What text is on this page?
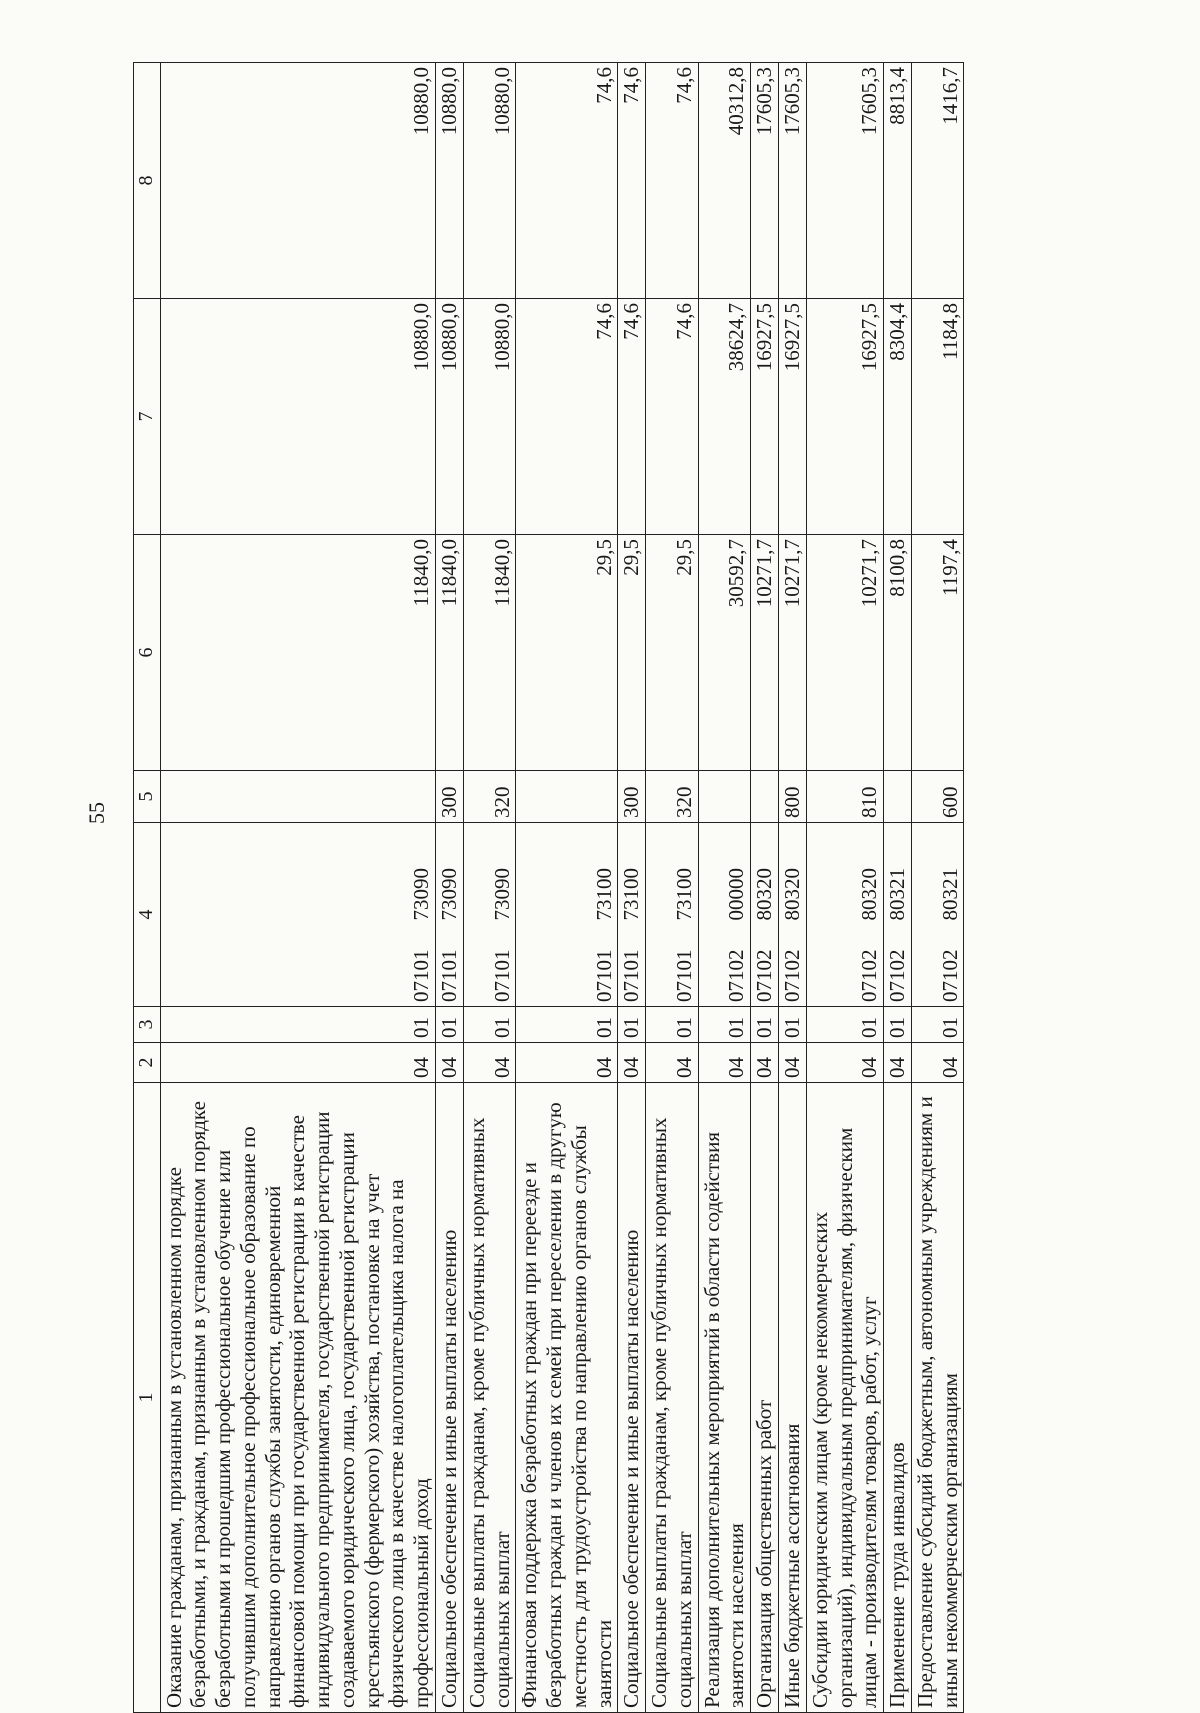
55
1	2	3	4	5	6	7	8
Оказание гражданам, признанным в установленном порядке безработными, и гражданам, признанным в установленном порядке безработными и прошедшим профессиональное обучение или получившим дополнительное профессиональное образование по направлению органов службы занятости, единовременной финансовой помощи при государственной регистрации в качестве индивидуального предпринимателя, государственной регистрации создаваемого юридического лица, государственной регистрации крестьянского (фермерского) хозяйства, постановке на учет физического лица в качестве налогоплательщика налога на профессиональный доход	04	01	0710173090		11840,0	10880,0	10880,0
Социальное обеспечение и иные выплаты населению	04	01	0710173090	300	11840,0	10880,0	10880,0
Социальные выплаты гражданам, кроме публичных нормативных социальных выплат	04	01	0710173090	320	11840,0	10880,0	10880,0
Финансовая поддержка безработных граждан при переезде и безработных граждан и членов их семей при переселении в другую местность для трудоустройства по направлению органов службы занятости	04	01	0710173100		29,5	74,6	74,6
Социальное обеспечение и иные выплаты населению	04	01	0710173100	300	29,5	74,6	74,6
Социальные выплаты гражданам, кроме публичных нормативных социальных выплат	04	01	0710173100	320	29,5	74,6	74,6
Реализация дополнительных мероприятий в области содействия занятости населения	04	01	0710200000		30592,7	38624,7	40312,8
Организация общественных работ	04	01	0710280320		10271,7	16927,5	17605,3
Иные бюджетные ассигнования	04	01	0710280320	800	10271,7	16927,5	17605,3
Субсидии юридическим лицам (кроме некоммерческих организаций), индивидуальным предпринимателям, физическим лицам - производителям товаров, работ, услуг	04	01	0710280320	810	10271,7	16927,5	17605,3
Применение труда инвалидов	04	01	0710280321		8100,8	8304,4	8813,4
Предоставление субсидий бюджетным, автономным учреждениям и иным некоммерческим организациям	04	01	0710280321	600	1197,4	1184,8	1416,7
